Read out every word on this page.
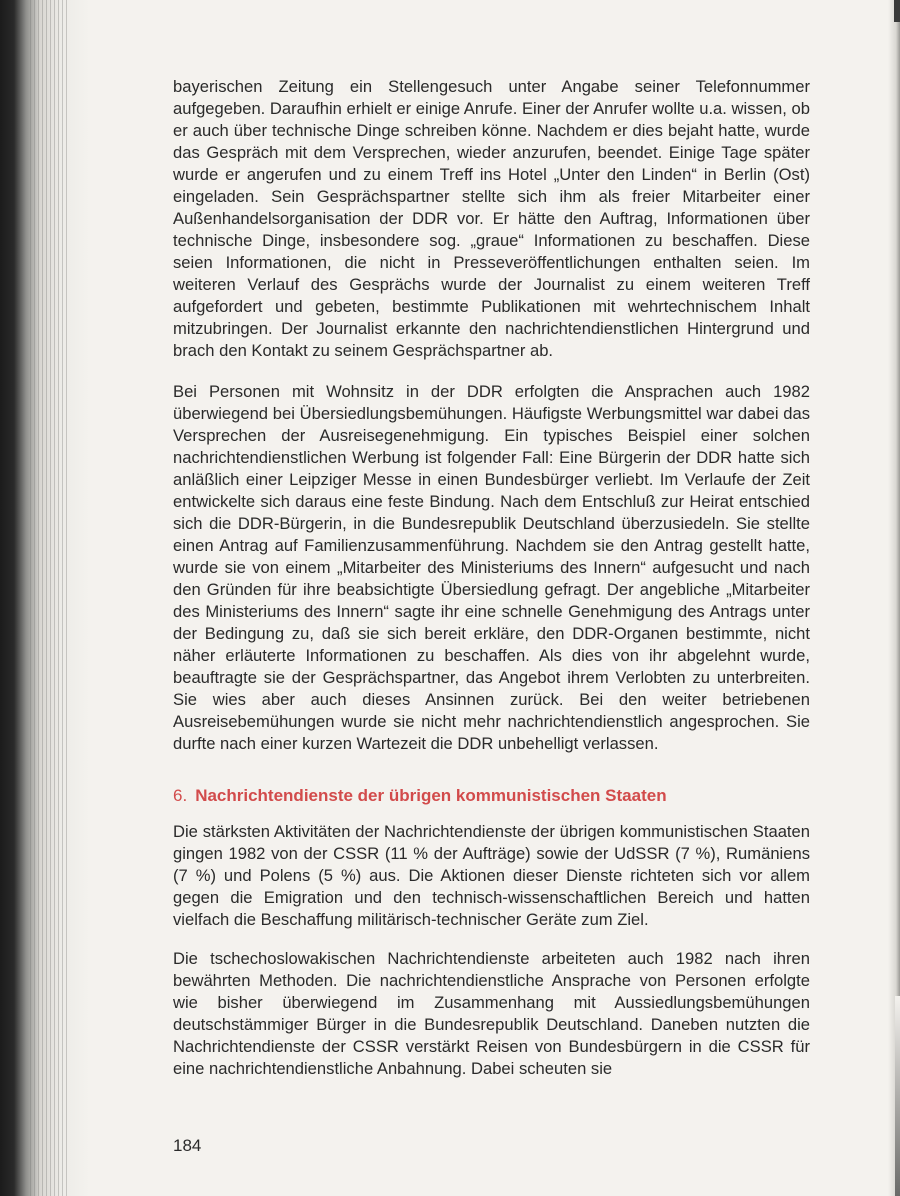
bayerischen Zeitung ein Stellengesuch unter Angabe seiner Telefonnummer aufgegeben. Daraufhin erhielt er einige Anrufe. Einer der Anrufer wollte u.a. wissen, ob er auch über technische Dinge schreiben könne. Nachdem er dies bejaht hatte, wurde das Gespräch mit dem Versprechen, wieder anzurufen, beendet. Einige Tage später wurde er angerufen und zu einem Treff ins Hotel „Unter den Linden“ in Berlin (Ost) eingeladen. Sein Gesprächspartner stellte sich ihm als freier Mitarbeiter einer Außenhandelsorganisation der DDR vor. Er hätte den Auftrag, Informationen über technische Dinge, insbesondere sog. „graue“ Informationen zu beschaffen. Diese seien Informationen, die nicht in Presseveröffentlichungen enthalten seien. Im weiteren Verlauf des Gesprächs wurde der Journalist zu einem weiteren Treff aufgefordert und gebeten, bestimmte Publikationen mit wehrtechnischem Inhalt mitzubringen. Der Journalist erkannte den nachrichtendienstlichen Hintergrund und brach den Kontakt zu seinem Gesprächspartner ab.

Bei Personen mit Wohnsitz in der DDR erfolgten die Ansprachen auch 1982 überwiegend bei Übersiedlungsbemühungen. Häufigste Werbungsmittel war dabei das Versprechen der Ausreisegenehmigung. Ein typisches Beispiel einer solchen nachrichtendienstlichen Werbung ist folgender Fall: Eine Bürgerin der DDR hatte sich anläßlich einer Leipziger Messe in einen Bundesbürger verliebt. Im Verlaufe der Zeit entwickelte sich daraus eine feste Bindung. Nach dem Entschluß zur Heirat entschied sich die DDR-Bürgerin, in die Bundesrepublik Deutschland überzusiedeln. Sie stellte einen Antrag auf Familienzusammenführung. Nachdem sie den Antrag gestellt hatte, wurde sie von einem „Mitarbeiter des Ministeriums des Innern“ aufgesucht und nach den Gründen für ihre beabsichtigte Übersiedlung gefragt. Der angebliche „Mitarbeiter des Ministeriums des Innern“ sagte ihr eine schnelle Genehmigung des Antrags unter der Bedingung zu, daß sie sich bereit erkläre, den DDR-Organen bestimmte, nicht näher erläuterte Informationen zu beschaffen. Als dies von ihr abgelehnt wurde, beauftragte sie der Gesprächspartner, das Angebot ihrem Verlobten zu unterbreiten. Sie wies aber auch dieses Ansinnen zurück. Bei den weiter betriebenen Ausreisebemühungen wurde sie nicht mehr nachrichtendienstlich angesprochen. Sie durfte nach einer kurzen Wartezeit die DDR unbehelligt verlassen.

6. Nachrichtendienste der übrigen kommunistischen Staaten

Die stärksten Aktivitäten der Nachrichtendienste der übrigen kommunistischen Staaten gingen 1982 von der CSSR (11 % der Aufträge) sowie der UdSSR (7 %), Rumäniens (7 %) und Polens (5 %) aus. Die Aktionen dieser Dienste richteten sich vor allem gegen die Emigration und den technisch-wissenschaftlichen Bereich und hatten vielfach die Beschaffung militärisch-technischer Geräte zum Ziel.

Die tschechoslowakischen Nachrichtendienste arbeiteten auch 1982 nach ihren bewährten Methoden. Die nachrichtendienstliche Ansprache von Personen erfolgte wie bisher überwiegend im Zusammenhang mit Aussiedlungsbemühungen deutschstämmiger Bürger in die Bundesrepublik Deutschland. Daneben nutzten die Nachrichtendienste der CSSR verstärkt Reisen von Bundesbürgern in die CSSR für eine nachrichtendienstliche Anbahnung. Dabei scheuten sie

184
